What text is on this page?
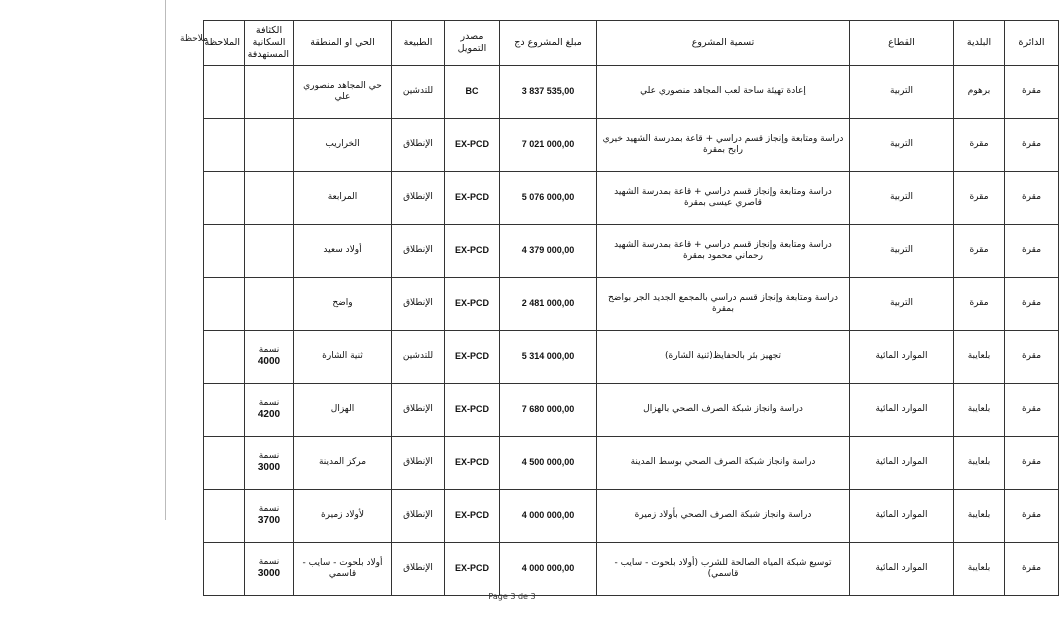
ملاحظة	الدائرة	البلدية	القطاع	تسمية المشروع	مبلغ المشروع دج	مصدر التمويل	الطبيعة	الحي او المنطقة	الكثافة السكانية المستهدفة	الملاحظة
مقرة	برهوم	التربية	إعادة تهيئة ساحة لعب المجاهد منصوري علي	3 837 535,00	BC	للتدشين	حي المجاهد منصوري علي		
مقرة	مقرة	التربية	دراسة ومتابعة وإنجاز قسم دراسي + قاعة بمدرسة الشهيد خيري رابح بمقرة	7 021 000,00	EX-PCD	الإنطلاق	الخراريب		
مقرة	مقرة	التربية	دراسة ومتابعة وإنجاز قسم دراسي + قاعة بمدرسة الشهيد قاصري عيسى بمقرة	5 076 000,00	EX-PCD	الإنطلاق	المرابعة		
مقرة	مقرة	التربية	دراسة ومتابعة وإنجاز قسم دراسي + قاعة بمدرسة الشهيد رحماني محمود بمقرة	4 379 000,00	EX-PCD	الإنطلاق	أولاد سعيد		
مقرة	مقرة	التربية	دراسة ومتابعة وإنجاز قسم دراسي بالمجمع الجديد الجر بواضح بمقرة	2 481 000,00	EX-PCD	الإنطلاق	واضح		
مقرة	بلعايبة	الموارد المائية	تجهيز بئر بالحفايظ(ثنية الشارة)	5 314 000,00	EX-PCD	للتدشين	ثنية الشارة	نسمة 4000	
مقرة	بلعايبة	الموارد المائية	دراسة وانجاز شبكة الصرف الصحي بالهزال	7 680 000,00	EX-PCD	الإنطلاق	الهزال	نسمة 4200	
مقرة	بلعايبة	الموارد المائية	دراسة وانجاز شبكة الصرف الصحي بوسط المدينة	4 500 000,00	EX-PCD	الإنطلاق	مركز المدينة	نسمة 3000	
مقرة	بلعايبة	الموارد المائية	دراسة وانجاز شبكة الصرف الصحي بأولاد زميرة	4 000 000,00	EX-PCD	الإنطلاق	لأولاد زميرة	نسمة 3700	
مقرة	بلعايبة	الموارد المائية	توسيع شبكة المياه الصالحة للشرب (أولاد بلحوت - سايب - قاسمي)	4 000 000,00	EX-PCD	الإنطلاق	أولاد بلحوت - سايب - قاسمي	نسمة 3000	
Page 3 de 3
